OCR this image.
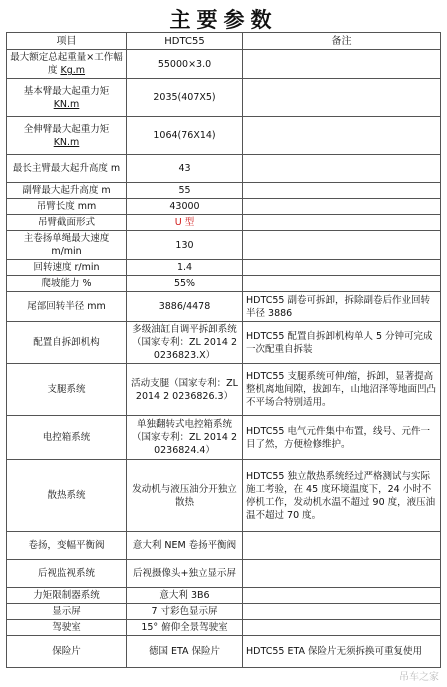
主要参数
项目	HDTC55	备注
最大额定总起重量×工作幅度 Kg.m	55000×3.0	
基本臂最大起重力矩 KN.m	2035(407X5)	
全伸臂最大起重力矩 KN.m	1064(76X14)	
最长主臂最大起升高度 m	43	
副臂最大起升高度 m	55	
吊臂长度 mm	43000	
吊臂截面形式	U 型	
主卷扬单绳最大速度 m/min	130	
回转速度 r/min	1.4	
爬坡能力 %	55%	
尾部回转半径 mm	3886/4478	HDTC55 副卷可拆卸，拆除副卷后作业回转半径 3886
配置自拆卸机构	多级油缸自调平拆卸系统（国家专利：ZL 2014 2 0236823.X）	HDTC55 配置自拆卸机构单人 5 分钟可完成一次配重自拆装
支腿系统	活动支腿（国家专利：ZL 2014 2 0236826.3）	HDTC55 支腿系统可伸/缩，拆卸，显著提高整机离地间隙，拔卸车，山地沼泽等地面凹凸不平场合特别适用。
电控箱系统	单独翻转式电控箱系统（国家专利：ZL 2014 2 0236824.4）	HDTC55 电气元件集中布置，线号、元件一目了然，方便检修维护。
散热系统	发动机与液压油分开独立散热	HDTC55 独立散热系统经过严格测试与实际施工考验，在 45 度环境温度下，24 小时不停机工作，发动机水温不超过 90 度，液压油温不超过 70 度。
卷扬，变幅平衡阀	意大利 NEM 卷扬平衡阀	
后视监视系统	后视摄像头+独立显示屏	
力矩限制器系统	意大利 3B6	
显示屏	7 寸彩色显示屏	
驾驶室	15° 俯仰全景驾驶室	
保险片	德国 ETA 保险片	HDTC55 ETA 保险片无须拆换可重复使用
吊车之家
